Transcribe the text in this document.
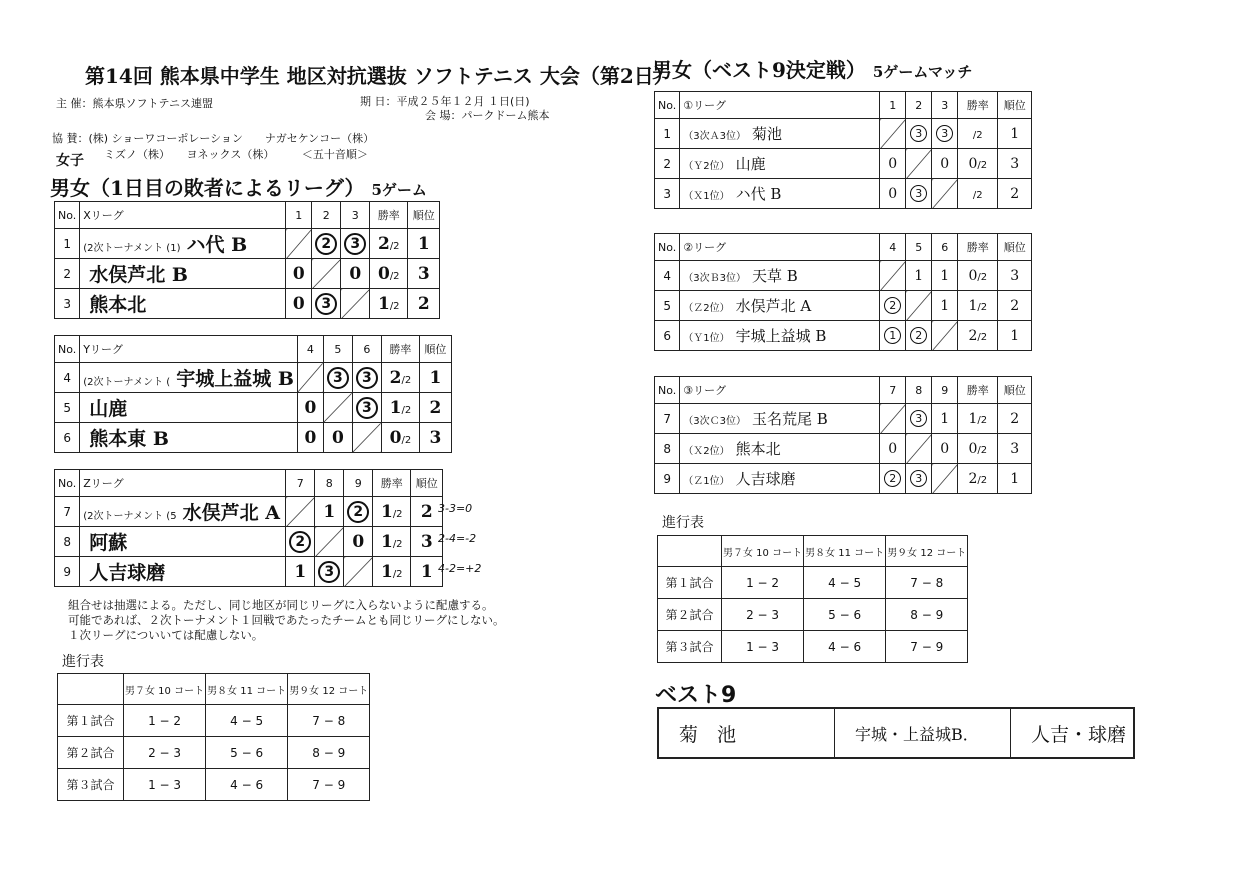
第14回 熊本県中学生 地区対抗選抜 ソフトテニス 大会（第2日）
主 催：熊本県ソフトテニス連盟	期 日：平成２５年１２月 １日(日)
会 場：パークドーム熊本
協 賛：(株) ショーワコーポレーション　　ナガセケンコー（株）
ミズノ（株）　　ヨネックス（株）　　　＜五十音順＞
女子
男女（1日目の敗者によるリーグ） 5ゲーム
No.	Xリーグ	1	2	3	勝率	順位
1	(2次トーナメント (1) ハ代 B		2	3	2/2	1
2	水俣芦北 B	0		0	0/2	3
3	熊本北	0	3		1/2	2
No.	Yリーグ	4	5	6	勝率	順位
4	(2次トーナメント ( 宇城上益城 B		3	3	2/2	1
5	山鹿	0		3	1/2	2
6	熊本東 B	0	0		0/2	3
No.	Zリーグ	7	8	9	勝率	順位
7	(2次トーナメント (5 水俣芦北 A		1	2	1/2	2
8	阿蘇	2		0	1/2	3
9	人吉球磨	1	3		1/2	1
3-3=0
2-4=-2
4-2=+2
組合せは抽選による。ただし、同じ地区が同じリーグに入らないように配慮する。
可能であれば、２次トーナメント１回戦であたったチームとも同じリーグにしない。
１次リーグについいては配慮しない。
進行表
	男７女 10 コート	男８女 11 コート	男９女 12 コート
第１試合	1 − 2	4 − 5	7 − 8
第２試合	2 − 3	5 − 6	8 − 9
第３試合	1 − 3	4 − 6	7 − 9
男女（ベスト9決定戦） 5ゲームマッチ
No.	①リーグ	1	2	3	勝率	順位
1	（3次Ａ3位） 菊池		3	3	/2	1
2	（Ｙ2位） 山鹿	0		0	0/2	3
3	（Ｘ1位） ハ代 B	0	3		/2	2
No.	②リーグ	4	5	6	勝率	順位
4	（3次Ｂ3位） 天草 B		1	1	0/2	3
5	（Ｚ2位） 水俣芦北 A	2		1	1/2	2
6	（Ｙ1位） 宇城上益城 B	1	2		2/2	1
No.	③リーグ	7	8	9	勝率	順位
7	（3次Ｃ3位） 玉名荒尾 B		3	1	1/2	2
8	（Ｘ2位） 熊本北	0		0	0/2	3
9	（Ｚ1位） 人吉球磨	2	3		2/2	1
進行表
	男７女 10 コート	男８女 11 コート	男９女 12 コート
第１試合	1 − 2	4 − 5	7 − 8
第２試合	2 − 3	5 − 6	8 − 9
第３試合	1 − 3	4 − 6	7 − 9
ベスト9
菊　池	宇城・上益城B．	人吉・球磨
